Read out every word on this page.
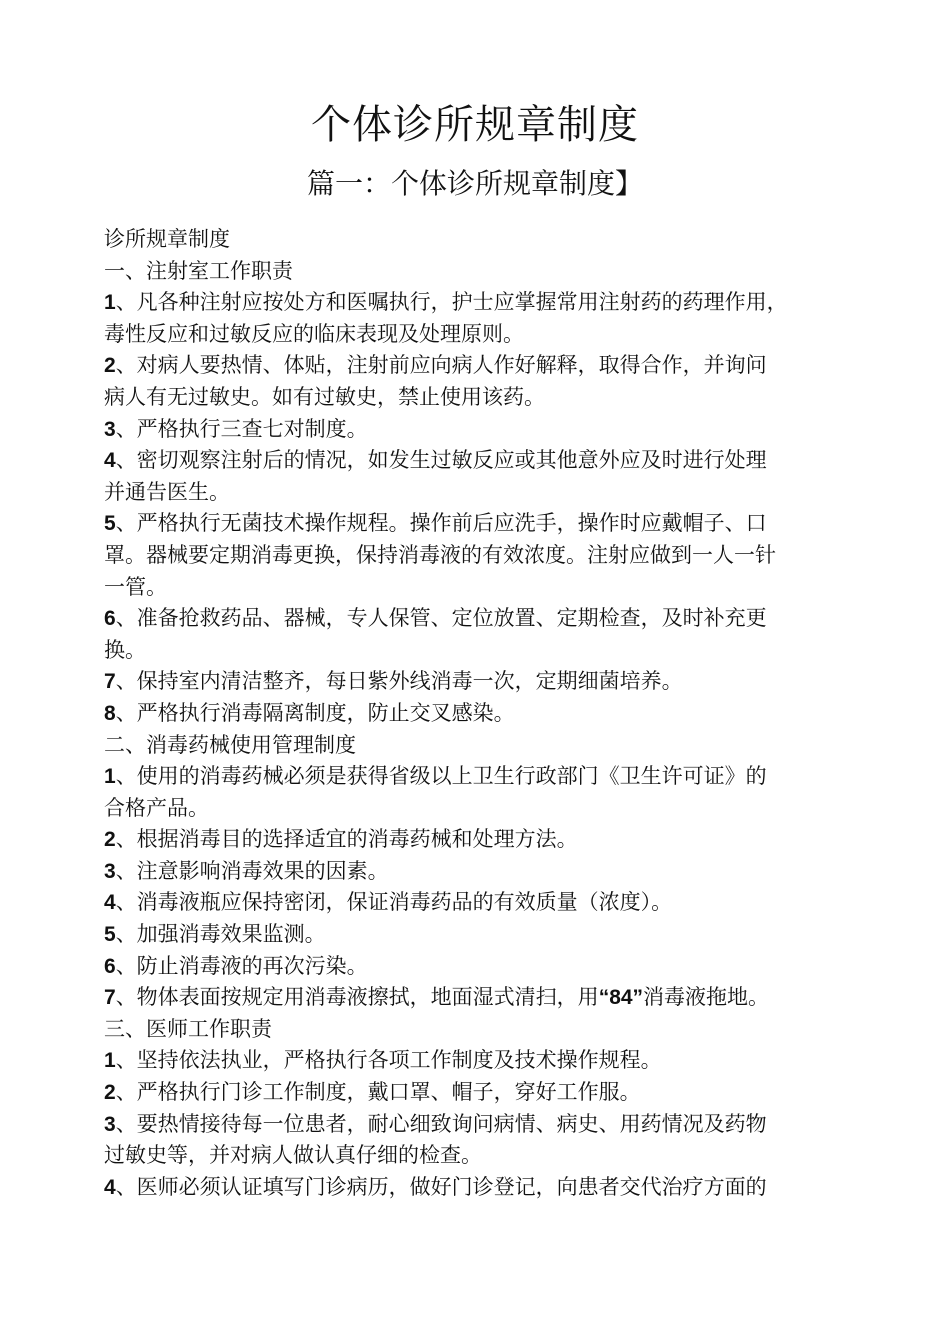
个体诊所规章制度
篇一：个体诊所规章制度】
诊所规章制度
一、注射室工作职责
1、凡各种注射应按处方和医嘱执行，护士应掌握常用注射药的药理作用，
毒性反应和过敏反应的临床表现及处理原则。
2、对病人要热情、体贴，注射前应向病人作好解释，取得合作，并询问
病人有无过敏史。如有过敏史，禁止使用该药。
3、严格执行三查七对制度。
4、密切观察注射后的情况，如发生过敏反应或其他意外应及时进行处理
并通告医生。
5、严格执行无菌技术操作规程。操作前后应洗手，操作时应戴帽子、口
罩。器械要定期消毒更换，保持消毒液的有效浓度。注射应做到一人一针
一管。
6、准备抢救药品、器械，专人保管、定位放置、定期检查，及时补充更
换。
7、保持室内清洁整齐，每日紫外线消毒一次，定期细菌培养。
8、严格执行消毒隔离制度，防止交叉感染。
二、消毒药械使用管理制度
1、使用的消毒药械必须是获得省级以上卫生行政部门《卫生许可证》的
合格产品。
2、根据消毒目的选择适宜的消毒药械和处理方法。
3、注意影响消毒效果的因素。
4、消毒液瓶应保持密闭，保证消毒药品的有效质量（浓度）。
5、加强消毒效果监测。
6、防止消毒液的再次污染。
7、物体表面按规定用消毒液擦拭，地面湿式清扫，用“84”消毒液拖地。
三、医师工作职责
1、坚持依法执业，严格执行各项工作制度及技术操作规程。
2、严格执行门诊工作制度，戴口罩、帽子，穿好工作服。
3、要热情接待每一位患者，耐心细致询问病情、病史、用药情况及药物
过敏史等，并对病人做认真仔细的检查。
4、医师必须认证填写门诊病历，做好门诊登记，向患者交代治疗方面的
